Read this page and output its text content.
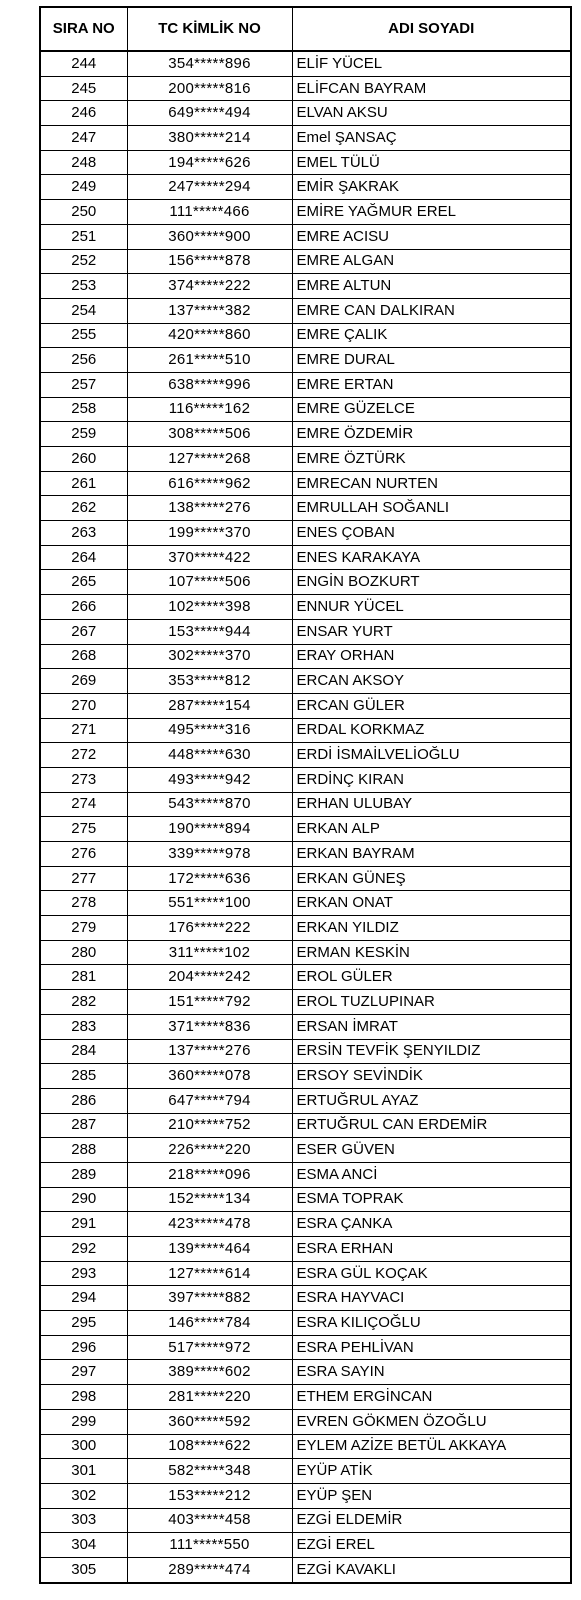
SIRA NO	TC KİMLİK NO	ADI SOYADI
244	354*****896	ELİF YÜCEL
245	200*****816	ELİFCAN BAYRAM
246	649*****494	ELVAN AKSU
247	380*****214	Emel ŞANSAÇ
248	194*****626	EMEL TÜLÜ
249	247*****294	EMİR ŞAKRAK
250	111*****466	EMİRE YAĞMUR EREL
251	360*****900	EMRE ACISU
252	156*****878	EMRE ALGAN
253	374*****222	EMRE ALTUN
254	137*****382	EMRE CAN DALKIRAN
255	420*****860	EMRE ÇALIK
256	261*****510	EMRE DURAL
257	638*****996	EMRE ERTAN
258	116*****162	EMRE GÜZELCE
259	308*****506	EMRE ÖZDEMİR
260	127*****268	EMRE ÖZTÜRK
261	616*****962	EMRECAN NURTEN
262	138*****276	EMRULLAH SOĞANLI
263	199*****370	ENES ÇOBAN
264	370*****422	ENES KARAKAYA
265	107*****506	ENGİN BOZKURT
266	102*****398	ENNUR YÜCEL
267	153*****944	ENSAR YURT
268	302*****370	ERAY ORHAN
269	353*****812	ERCAN AKSOY
270	287*****154	ERCAN GÜLER
271	495*****316	ERDAL KORKMAZ
272	448*****630	ERDİ İSMAİLVELİOĞLU
273	493*****942	ERDİNÇ KIRAN
274	543*****870	ERHAN ULUBAY
275	190*****894	ERKAN ALP
276	339*****978	ERKAN BAYRAM
277	172*****636	ERKAN GÜNEŞ
278	551*****100	ERKAN ONAT
279	176*****222	ERKAN YILDIZ
280	311*****102	ERMAN KESKİN
281	204*****242	EROL GÜLER
282	151*****792	EROL TUZLUPINAR
283	371*****836	ERSAN İMRAT
284	137*****276	ERSİN TEVFİK ŞENYILDIZ
285	360*****078	ERSOY SEVİNDİK
286	647*****794	ERTUĞRUL AYAZ
287	210*****752	ERTUĞRUL CAN ERDEMİR
288	226*****220	ESER GÜVEN
289	218*****096	ESMA ANCİ
290	152*****134	ESMA TOPRAK
291	423*****478	ESRA ÇANKA
292	139*****464	ESRA ERHAN
293	127*****614	ESRA GÜL KOÇAK
294	397*****882	ESRA HAYVACI
295	146*****784	ESRA KILIÇOĞLU
296	517*****972	ESRA PEHLİVAN
297	389*****602	ESRA SAYIN
298	281*****220	ETHEM ERGİNCAN
299	360*****592	EVREN GÖKMEN ÖZOĞLU
300	108*****622	EYLEM AZİZE BETÜL AKKAYA
301	582*****348	EYÜP ATİK
302	153*****212	EYÜP ŞEN
303	403*****458	EZGİ ELDEMİR
304	111*****550	EZGİ EREL
305	289*****474	EZGİ KAVAKLI
